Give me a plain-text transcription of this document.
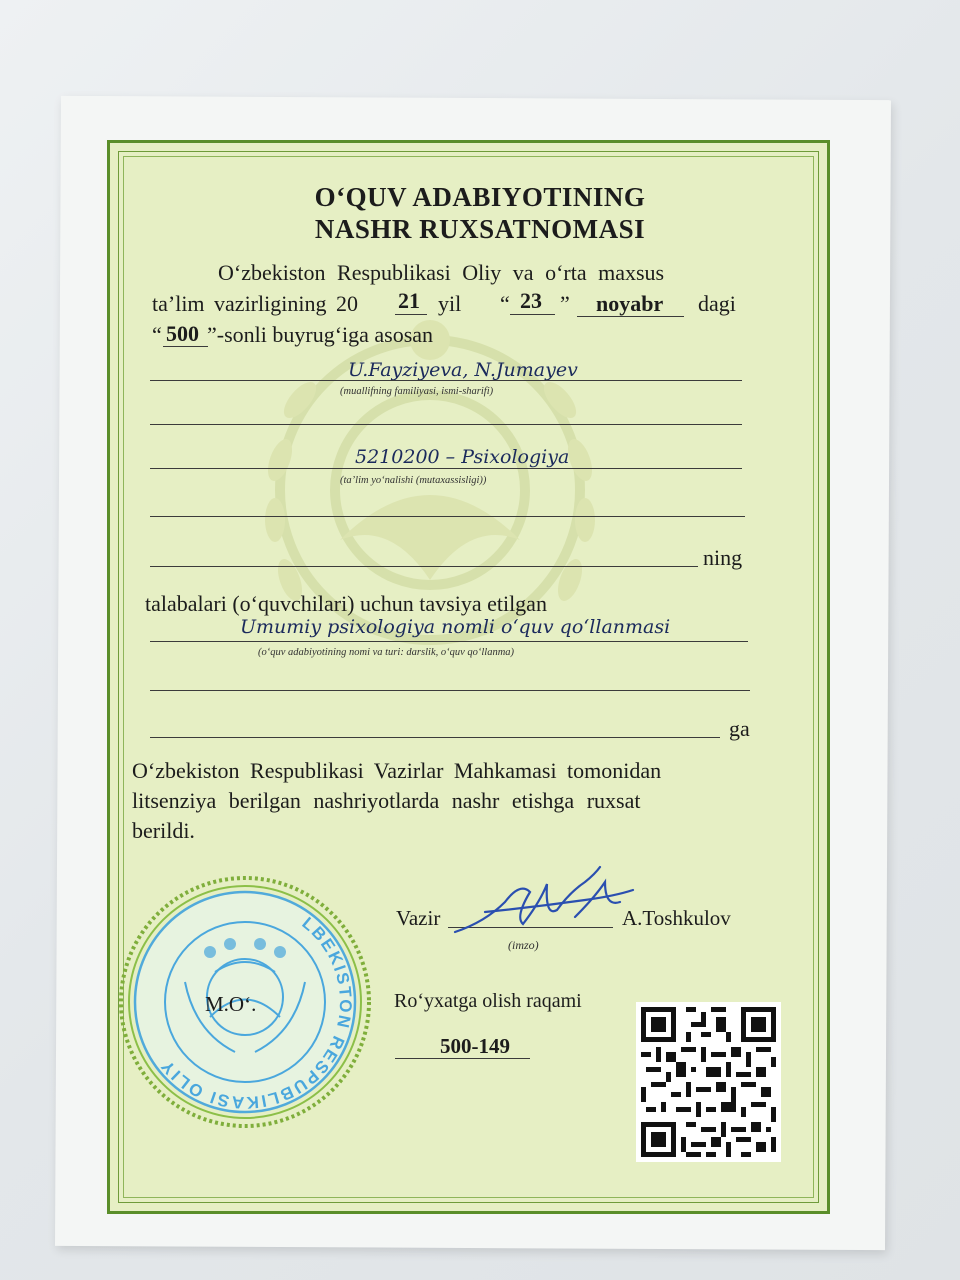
O‘QUV ADABIYOTINING
NASHR RUXSATNOMASI
O‘zbekiston Respublikasi Oliy va o‘rta maxsus
ta’lim vazirligining 20 21 yil “ 23 ” noyabr dagi
“ 500 ”-sonli buyrug‘iga asosan
U.Fayziyeva, N.Jumayev
(muallifning familiyasi, ismi-sharifi)
5210200 – Psixologiya
(ta’lim yo‘nalishi (mutaxassisligi))
ning
talabalari (o‘quvchilari) uchun tavsiya etilgan
Umumiy psixologiya nomli o‘quv qo‘llanmasi
(o‘quv adabiyotining nomi va turi: darslik, o‘quv qo‘llanma)
ga
O‘zbekiston Respublikasi Vazirlar Mahkamasi tomonidan
litsenziya berilgan nashriyotlarda nashr etishga ruxsat
berildi.
Vazir
(imzo)
A.Toshkulov
Ro‘yxatga olish raqami
500-149
LBEKISTON RESPUBLIKASI OLIY
M.O‘.
